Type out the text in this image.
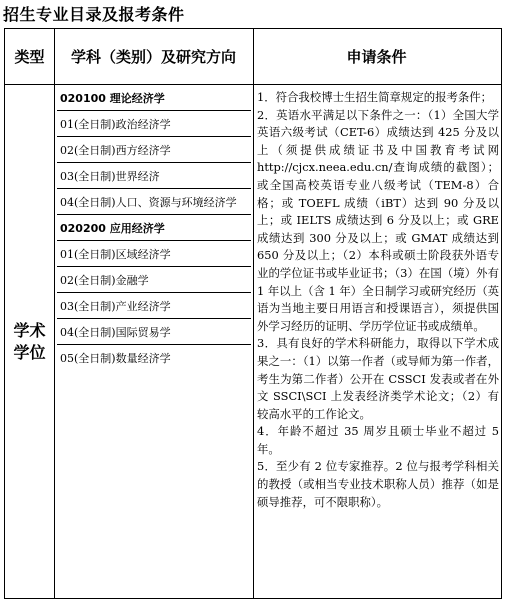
招生专业目录及报考条件
类型	学科（类别）及研究方向	申请条件
学术学位
020100 理论经济学
01(全日制)政治经济学
02(全日制)西方经济学
03(全日制)世界经济
04(全日制)人口、资源与环境经济学
020200 应用经济学
01(全日制)区域经济学
02(全日制)金融学
03(全日制)产业经济学
04(全日制)国际贸易学
05(全日制)数量经济学

1．符合我校博士生招生简章规定的报考条件；

2．英语水平满足以下条件之一：（1）全国大学英语六级考试（CET-6）成绩达到 425 分及以上（须提供成绩证书及中国教育考试网 http://cjcx.neea.edu.cn/查询成绩的截图）；或全国高校英语专业八级考试（TEM-8）合格；或 TOEFL 成绩（iBT）达到 90 分及以上；或 IELTS 成绩达到 6 分及以上；或 GRE 成绩达到 300 分及以上；或 GMAT 成绩达到 650 分及以上；（2）本科或硕士阶段获外语专业的学位证书或毕业证书；（3）在国（境）外有 1 年以上（含 1 年）全日制学习或研究经历（英语为当地主要日用语言和授课语言），须提供国外学习经历的证明、学历学位证书或成绩单。

3．具有良好的学术科研能力，取得以下学术成果之一：（1）以第一作者（或导师为第一作者，考生为第二作者）公开在 CSSCI 发表或者在外文 SSCI\SCI 上发表经济类学术论文；（2）有较高水平的工作论文。

4．年龄不超过 35 周岁且硕士毕业不超过 5 年。

5．至少有 2 位专家推荐。2 位与报考学科相关的教授（或相当专业技术职称人员）推荐（如是硕导推荐，可不限职称）。
